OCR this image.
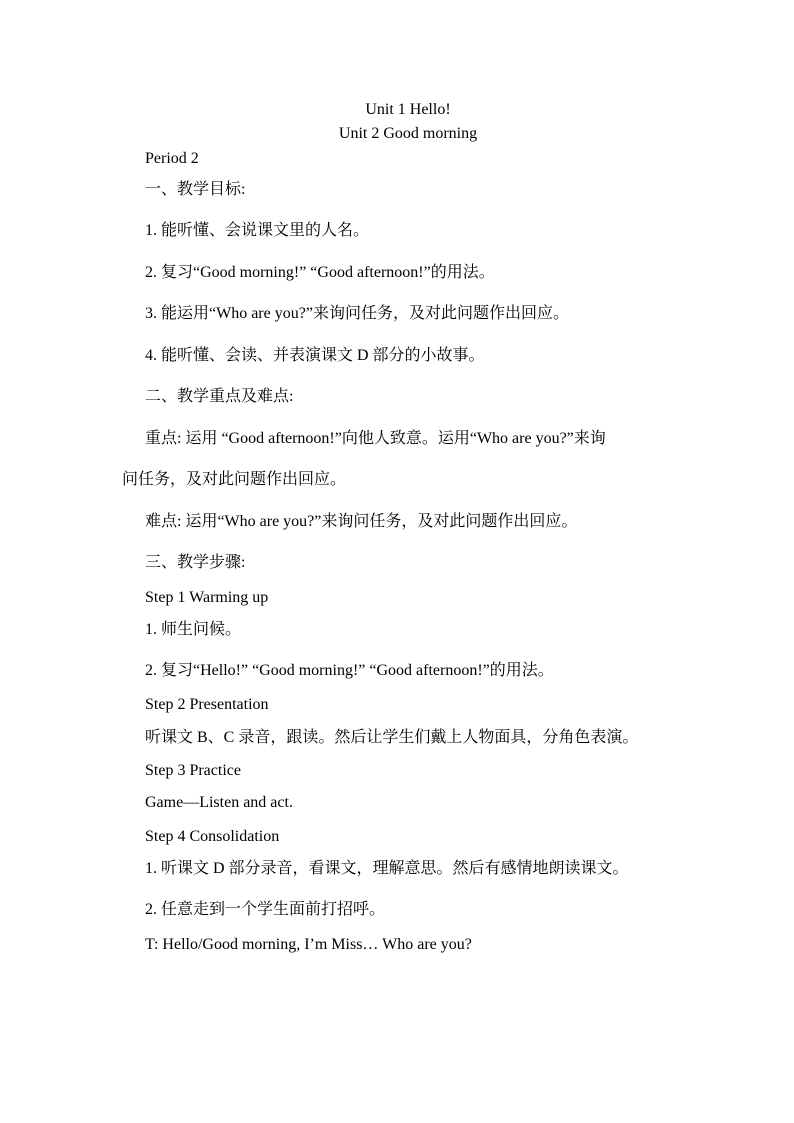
Unit 1 Hello!
Unit 2 Good morning
Period 2
一、教学目标:
1. 能听懂、会说课文里的人名。
2. 复习“Good morning!” “Good afternoon!”的用法。
3. 能运用“Who are you?”来询问任务，及对此问题作出回应。
4. 能听懂、会读、并表演课文 D 部分的小故事。
二、教学重点及难点:
重点: 运用 “Good afternoon!”向他人致意。运用“Who are you?”来询
问任务，及对此问题作出回应。
难点: 运用“Who are you?”来询问任务，及对此问题作出回应。
三、教学步骤:
Step 1 Warming up
1. 师生问候。
2. 复习“Hello!” “Good morning!” “Good afternoon!”的用法。
Step 2 Presentation
听课文 B、C 录音，跟读。然后让学生们戴上人物面具，分角色表演。
Step 3 Practice
Game—Listen and act.
Step 4 Consolidation
1. 听课文 D 部分录音，看课文，理解意思。然后有感情地朗读课文。
2. 任意走到一个学生面前打招呼。
T: Hello/Good morning, I’m Miss… Who are you?
